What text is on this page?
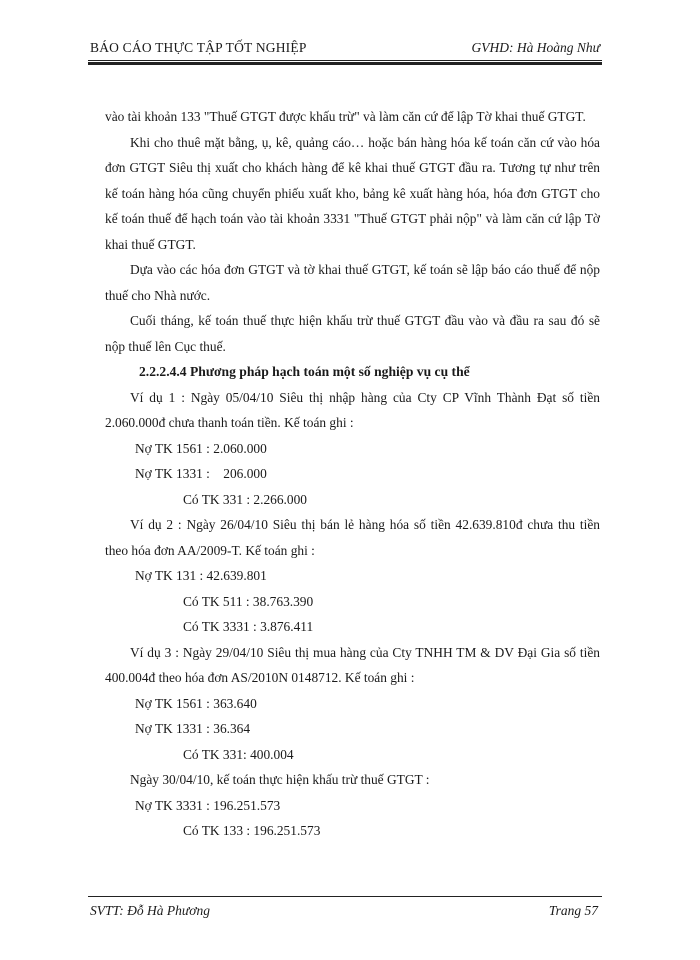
BÁO CÁO THỰC TẬP TỐT NGHIỆP	GVHD: Hà Hoàng Như

vào tài khoản 133 "Thuế GTGT được khấu trừ" và làm căn cứ để lập Tờ khai thuế GTGT.

Khi cho thuê mặt bằng, ụ, kê, quảng cáo… hoặc bán hàng hóa kế toán căn cứ vào hóa đơn GTGT Siêu thị xuất cho khách hàng để kê khai thuế GTGT đầu ra. Tương tự như trên kế toán hàng hóa cũng chuyển phiếu xuất kho, bảng kê xuất hàng hóa, hóa đơn GTGT cho kế toán thuế để hạch toán vào tài khoản 3331 "Thuế GTGT phải nộp" và làm căn cứ lập Tờ khai thuế GTGT.

Dựa vào các hóa đơn GTGT và tờ khai thuế GTGT, kế toán sẽ lập báo cáo thuế để nộp thuế cho Nhà nước.

Cuối tháng, kế toán thuế thực hiện khấu trừ thuế GTGT đầu vào và đầu ra sau đó sẽ nộp thuế lên Cục thuế.

2.2.2.4.4 Phương pháp hạch toán một số nghiệp vụ cụ thể

Ví dụ 1 : Ngày 05/04/10 Siêu thị nhập hàng của Cty CP Vĩnh Thành Đạt số tiền 2.060.000đ chưa thanh toán tiền. Kế toán ghi :

Nợ TK 1561 : 2.060.000

Nợ TK 1331 :    206.000

Có TK 331 : 2.266.000

Ví dụ 2 : Ngày 26/04/10 Siêu thị bán lẻ hàng hóa số tiền 42.639.810đ chưa thu tiền theo hóa đơn AA/2009-T. Kế toán ghi :

Nợ TK 131 : 42.639.801

Có TK 511 : 38.763.390

Có TK 3331 : 3.876.411

Ví dụ 3 : Ngày 29/04/10 Siêu thị mua hàng của Cty TNHH TM & DV Đại Gia số tiền 400.004đ theo hóa đơn AS/2010N 0148712. Kế toán ghi :

Nợ TK 1561 : 363.640

Nợ TK 1331 : 36.364

Có TK 331: 400.004

Ngày 30/04/10, kế toán thực hiện khấu trừ thuế GTGT :

Nợ TK 3331 : 196.251.573

Có TK 133 : 196.251.573

SVTT: Đỗ Hà Phương	Trang 57
